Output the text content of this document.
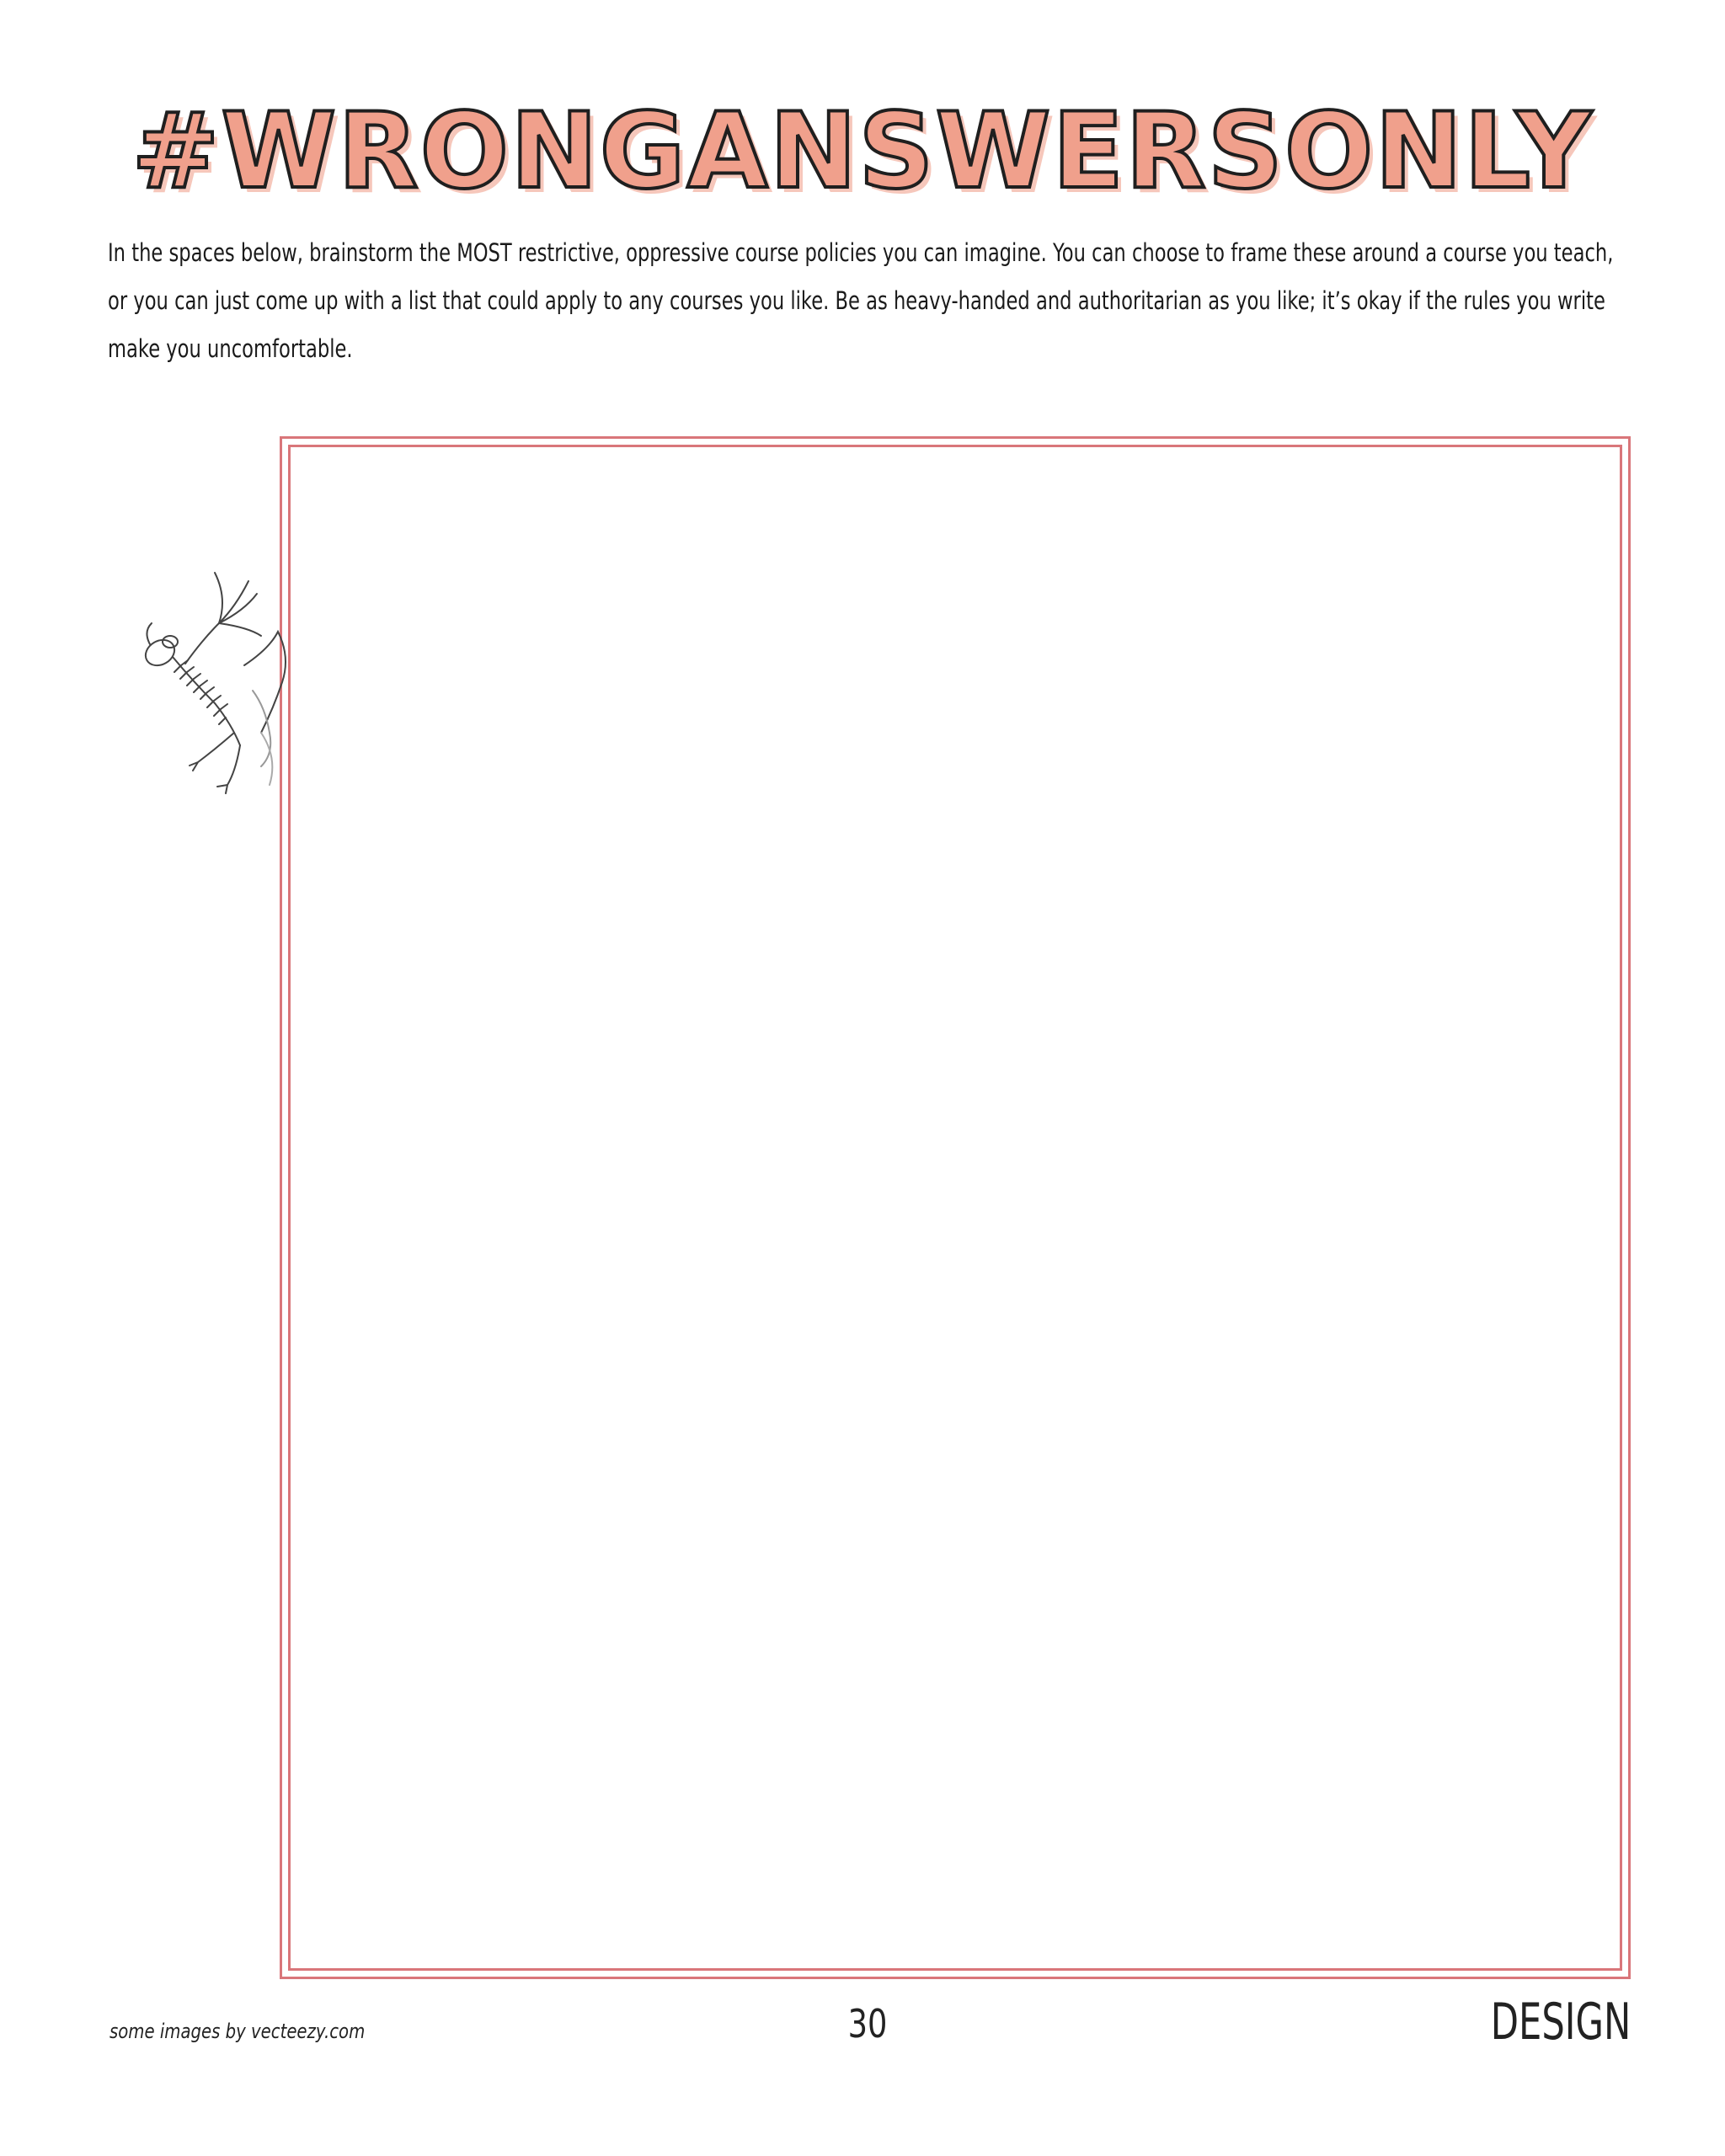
#WRONGANSWERSONLY
In the spaces below, brainstorm the MOST restrictive, oppressive course policies you can imagine. You can choose to frame these around a course you teach, or you can just come up with a list that could apply to any courses you like. Be as heavy-handed and authoritarian as you like; it’s okay if the rules you write make you uncomfortable.
some images by vecteezy.com	30	DESIGN
